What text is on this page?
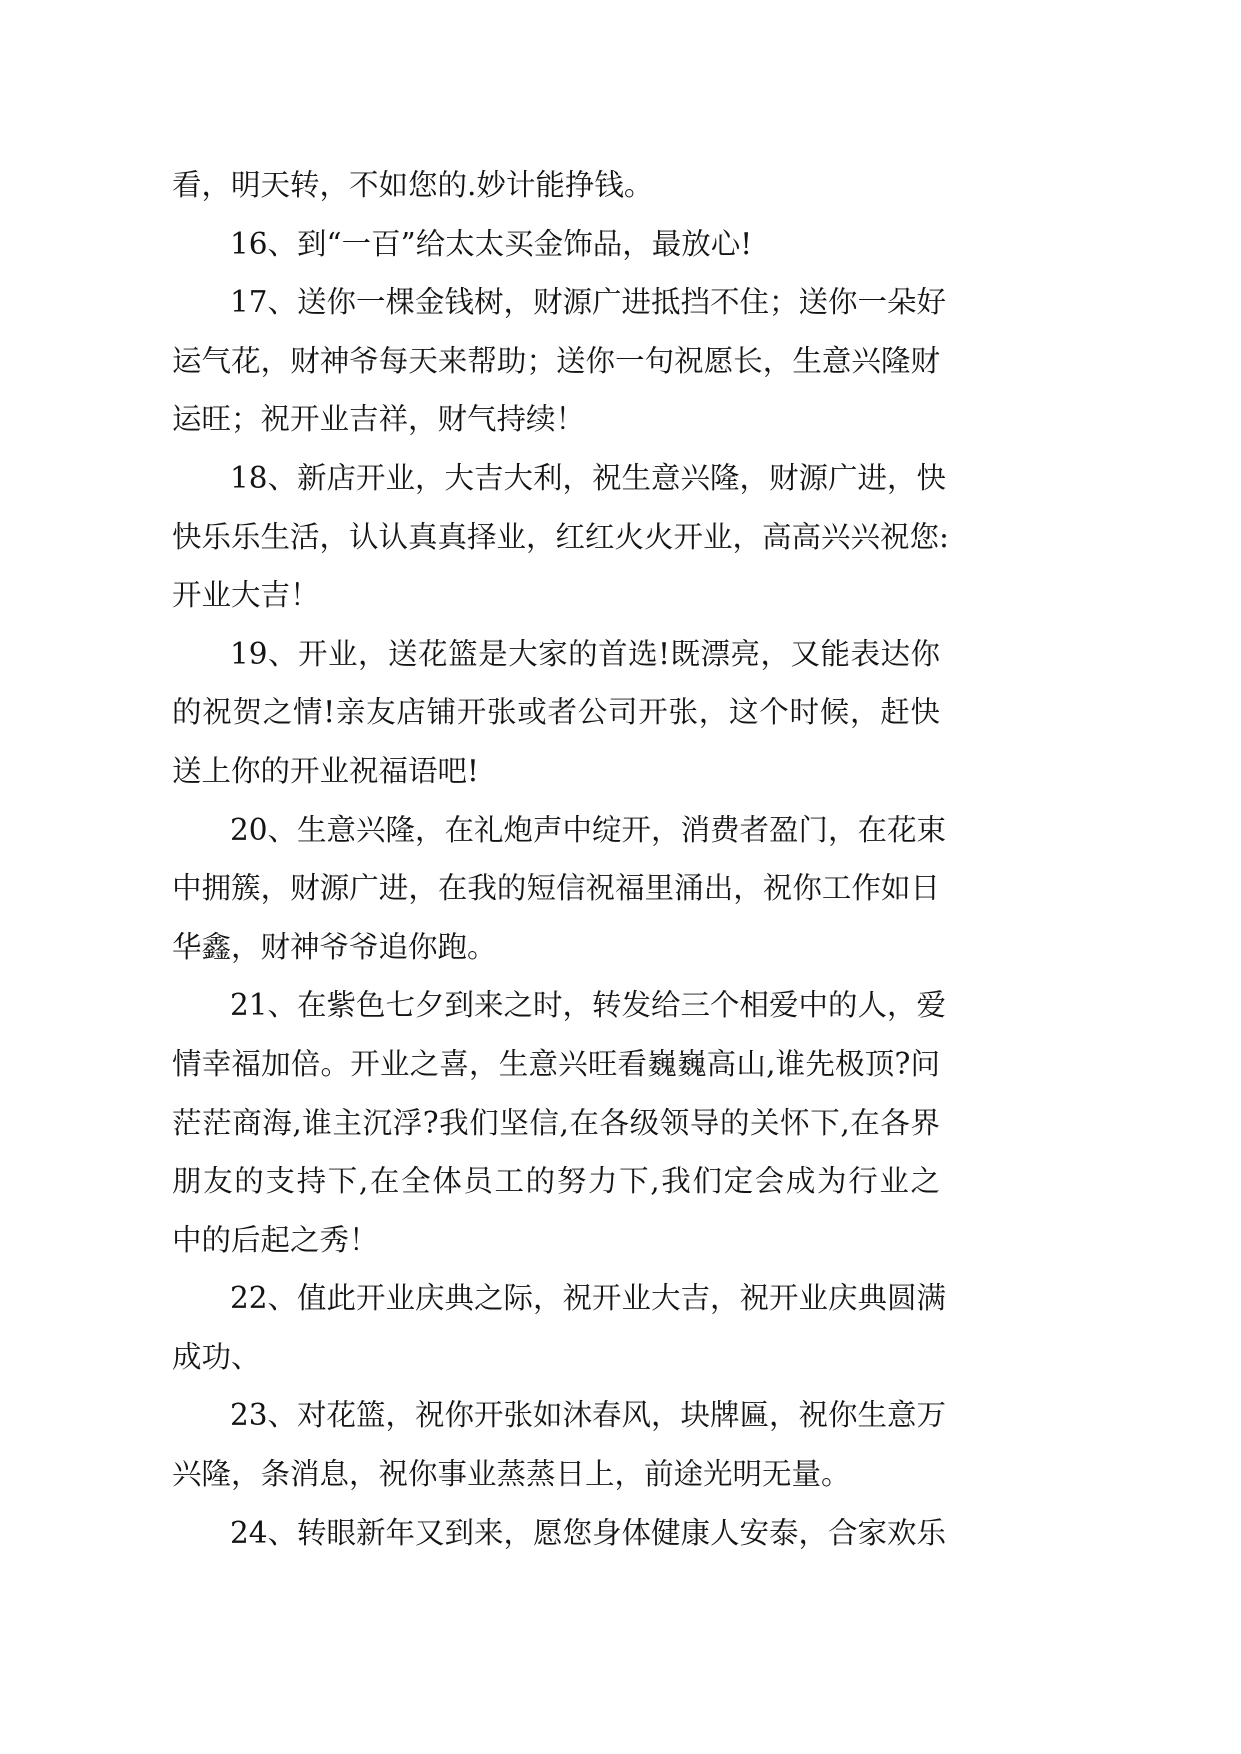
看，明天转，不如您的.妙计能挣钱。
16、到“一百”给太太买金饰品，最放心!
17、送你一棵金钱树，财源广进抵挡不住；送你一朵好
运气花，财神爷每天来帮助；送你一句祝愿长，生意兴隆财
运旺；祝开业吉祥，财气持续！
18、新店开业，大吉大利，祝生意兴隆，财源广进，快
快乐乐生活，认认真真择业，红红火火开业，高高兴兴祝您:
开业大吉！
19、开业，送花篮是大家的首选!既漂亮，又能表达你
的祝贺之情!亲友店铺开张或者公司开张，这个时候，赶快
送上你的开业祝福语吧!
20、生意兴隆，在礼炮声中绽开，消费者盈门，在花束
中拥簇，财源广进，在我的短信祝福里涌出，祝你工作如日
华鑫，财神爷爷追你跑。
21、在紫色七夕到来之时，转发给三个相爱中的人，爱
情幸福加倍。开业之喜，生意兴旺看巍巍高山,谁先极顶?问
茫茫商海,谁主沉浮?我们坚信,在各级领导的关怀下,在各界
朋友的支持下,在全体员工的努力下,我们定会成为行业之
中的后起之秀！
22、值此开业庆典之际，祝开业大吉，祝开业庆典圆满
成功、
23、对花篮，祝你开张如沐春风，块牌匾，祝你生意万
兴隆，条消息，祝你事业蒸蒸日上，前途光明无量。
24、转眼新年又到来，愿您身体健康人安泰，合家欢乐
